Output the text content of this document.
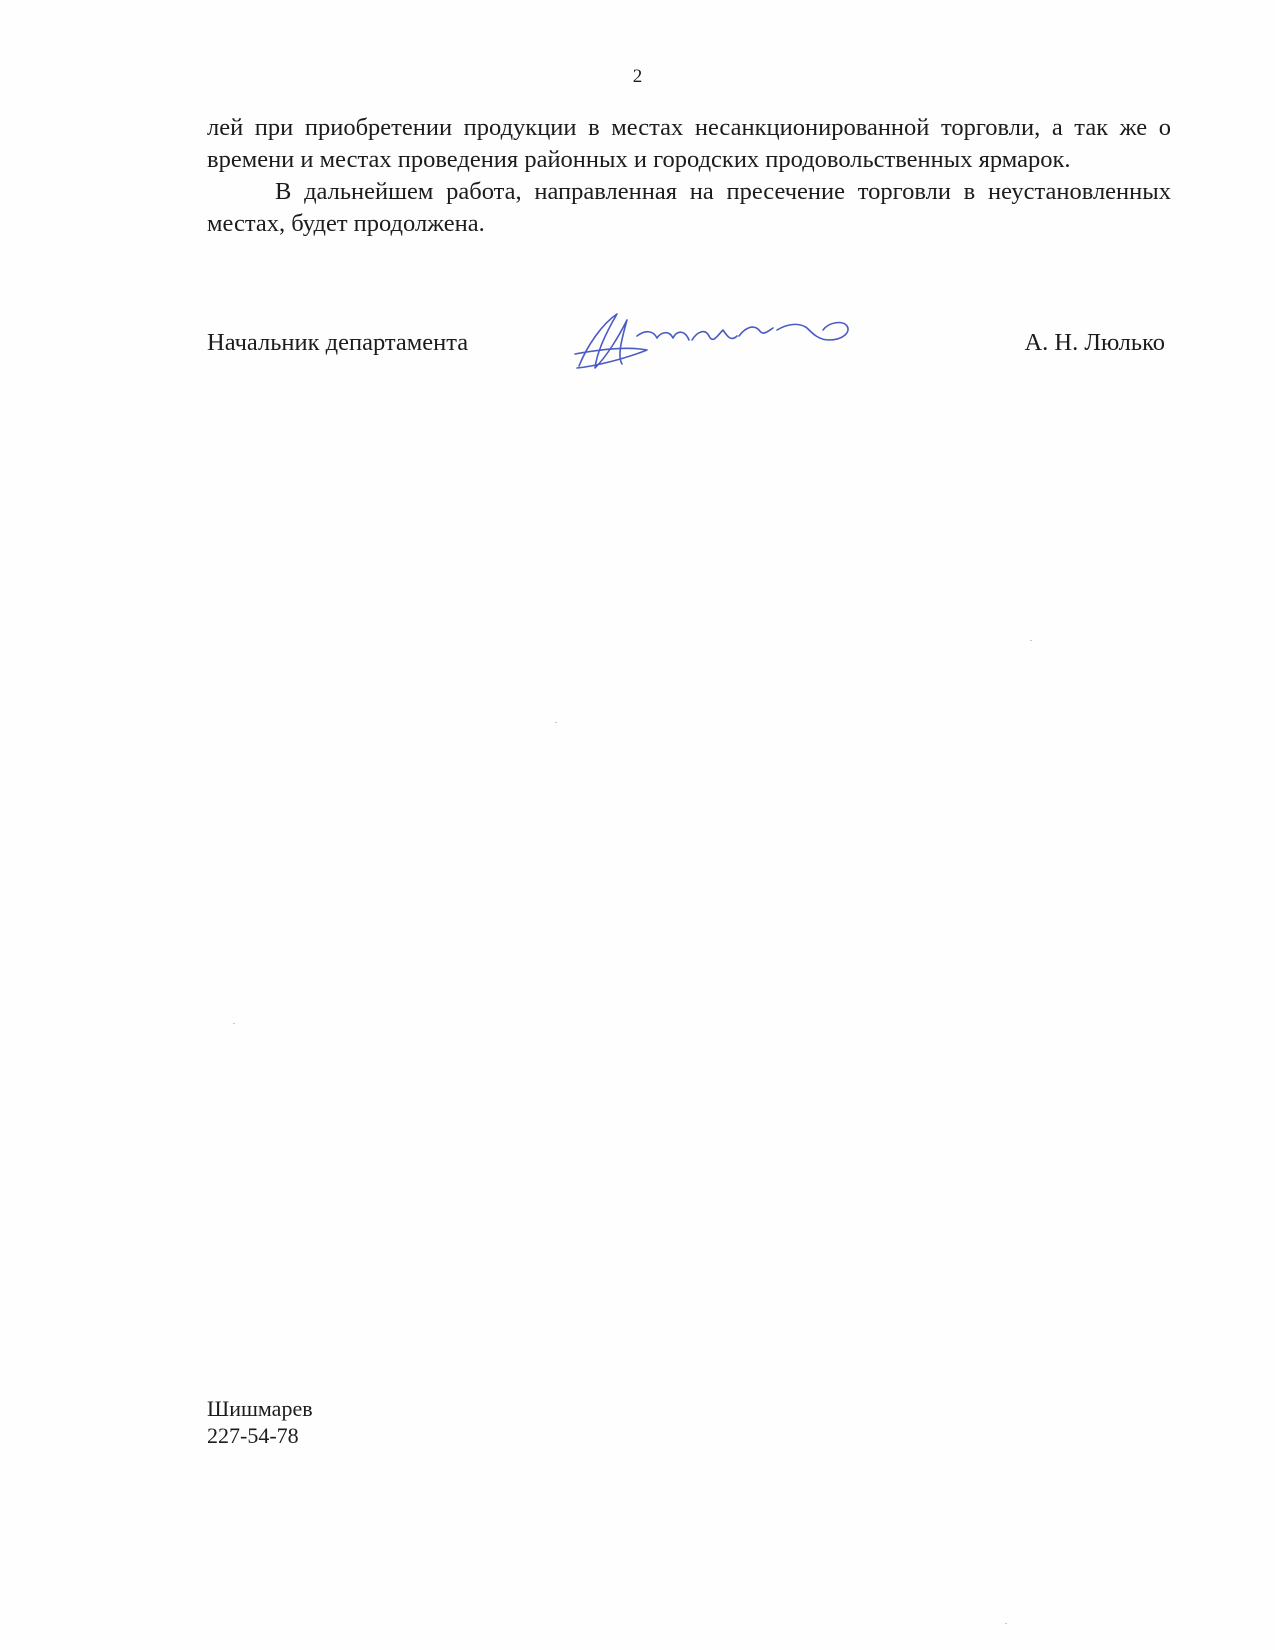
2

лей при приобретении продукции в местах несанкционированной торговли, а так же о времени и местах проведения районных и городских продовольственных ярмарок.

В дальнейшем работа, направленная на пресечение торговли в неустановленных местах, будет продолжена.

Начальник департамента	А. Н. Люлько
Шишмарев
227-54-78
